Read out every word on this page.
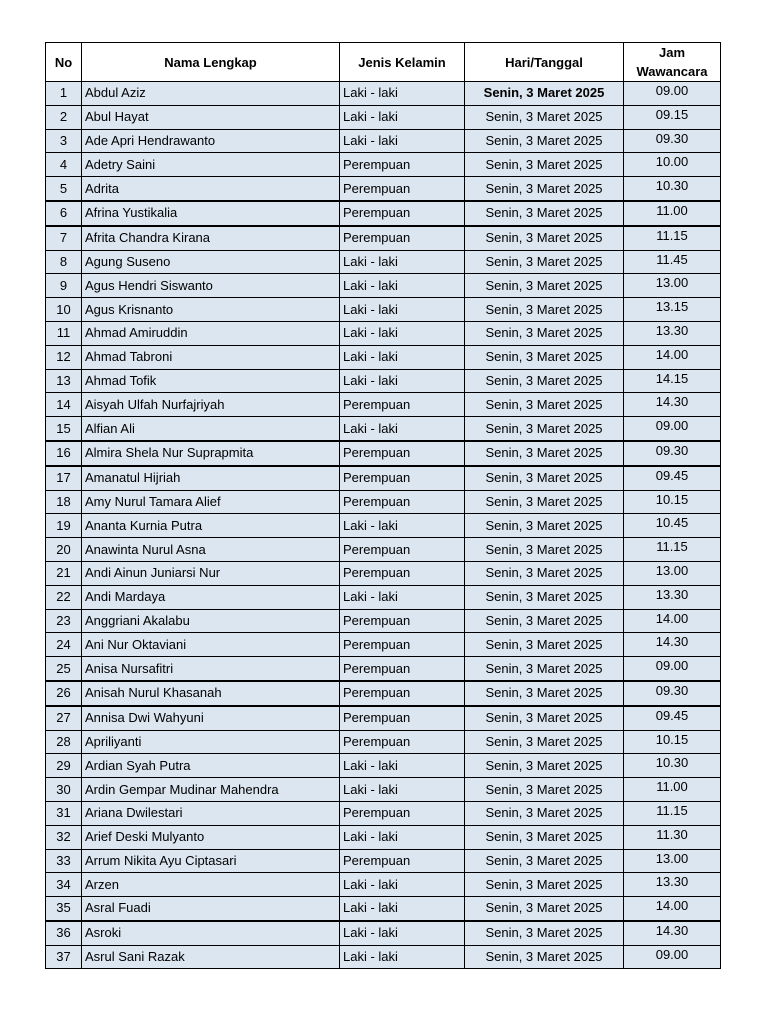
No	Nama Lengkap	Jenis Kelamin	Hari/Tanggal	Jam Wawancara
1	Abdul Aziz	Laki - laki	Senin, 3 Maret 2025	09.00
2	Abul Hayat	Laki - laki	Senin, 3 Maret 2025	09.15
3	Ade Apri Hendrawanto	Laki - laki	Senin, 3 Maret 2025	09.30
4	Adetry Saini	Perempuan	Senin, 3 Maret 2025	10.00
5	Adrita	Perempuan	Senin, 3 Maret 2025	10.30
6	Afrina Yustikalia	Perempuan	Senin, 3 Maret 2025	11.00
7	Afrita Chandra Kirana	Perempuan	Senin, 3 Maret 2025	11.15
8	Agung Suseno	Laki - laki	Senin, 3 Maret 2025	11.45
9	Agus Hendri Siswanto	Laki - laki	Senin, 3 Maret 2025	13.00
10	Agus Krisnanto	Laki - laki	Senin, 3 Maret 2025	13.15
11	Ahmad Amiruddin	Laki - laki	Senin, 3 Maret 2025	13.30
12	Ahmad Tabroni	Laki - laki	Senin, 3 Maret 2025	14.00
13	Ahmad Tofik	Laki - laki	Senin, 3 Maret 2025	14.15
14	Aisyah Ulfah Nurfajriyah	Perempuan	Senin, 3 Maret 2025	14.30
15	Alfian Ali	Laki - laki	Senin, 3 Maret 2025	09.00
16	Almira Shela Nur Suprapmita	Perempuan	Senin, 3 Maret 2025	09.30
17	Amanatul Hijriah	Perempuan	Senin, 3 Maret 2025	09.45
18	Amy Nurul Tamara Alief	Perempuan	Senin, 3 Maret 2025	10.15
19	Ananta Kurnia Putra	Laki - laki	Senin, 3 Maret 2025	10.45
20	Anawinta Nurul Asna	Perempuan	Senin, 3 Maret 2025	11.15
21	Andi Ainun Juniarsi Nur	Perempuan	Senin, 3 Maret 2025	13.00
22	Andi Mardaya	Laki - laki	Senin, 3 Maret 2025	13.30
23	Anggriani Akalabu	Perempuan	Senin, 3 Maret 2025	14.00
24	Ani Nur Oktaviani	Perempuan	Senin, 3 Maret 2025	14.30
25	Anisa Nursafitri	Perempuan	Senin, 3 Maret 2025	09.00
26	Anisah Nurul Khasanah	Perempuan	Senin, 3 Maret 2025	09.30
27	Annisa Dwi Wahyuni	Perempuan	Senin, 3 Maret 2025	09.45
28	Apriliyanti	Perempuan	Senin, 3 Maret 2025	10.15
29	Ardian Syah Putra	Laki - laki	Senin, 3 Maret 2025	10.30
30	Ardin Gempar Mudinar Mahendra	Laki - laki	Senin, 3 Maret 2025	11.00
31	Ariana Dwilestari	Perempuan	Senin, 3 Maret 2025	11.15
32	Arief Deski Mulyanto	Laki - laki	Senin, 3 Maret 2025	11.30
33	Arrum Nikita Ayu Ciptasari	Perempuan	Senin, 3 Maret 2025	13.00
34	Arzen	Laki - laki	Senin, 3 Maret 2025	13.30
35	Asral Fuadi	Laki - laki	Senin, 3 Maret 2025	14.00
36	Asroki	Laki - laki	Senin, 3 Maret 2025	14.30
37	Asrul Sani Razak	Laki - laki	Senin, 3 Maret 2025	09.00
